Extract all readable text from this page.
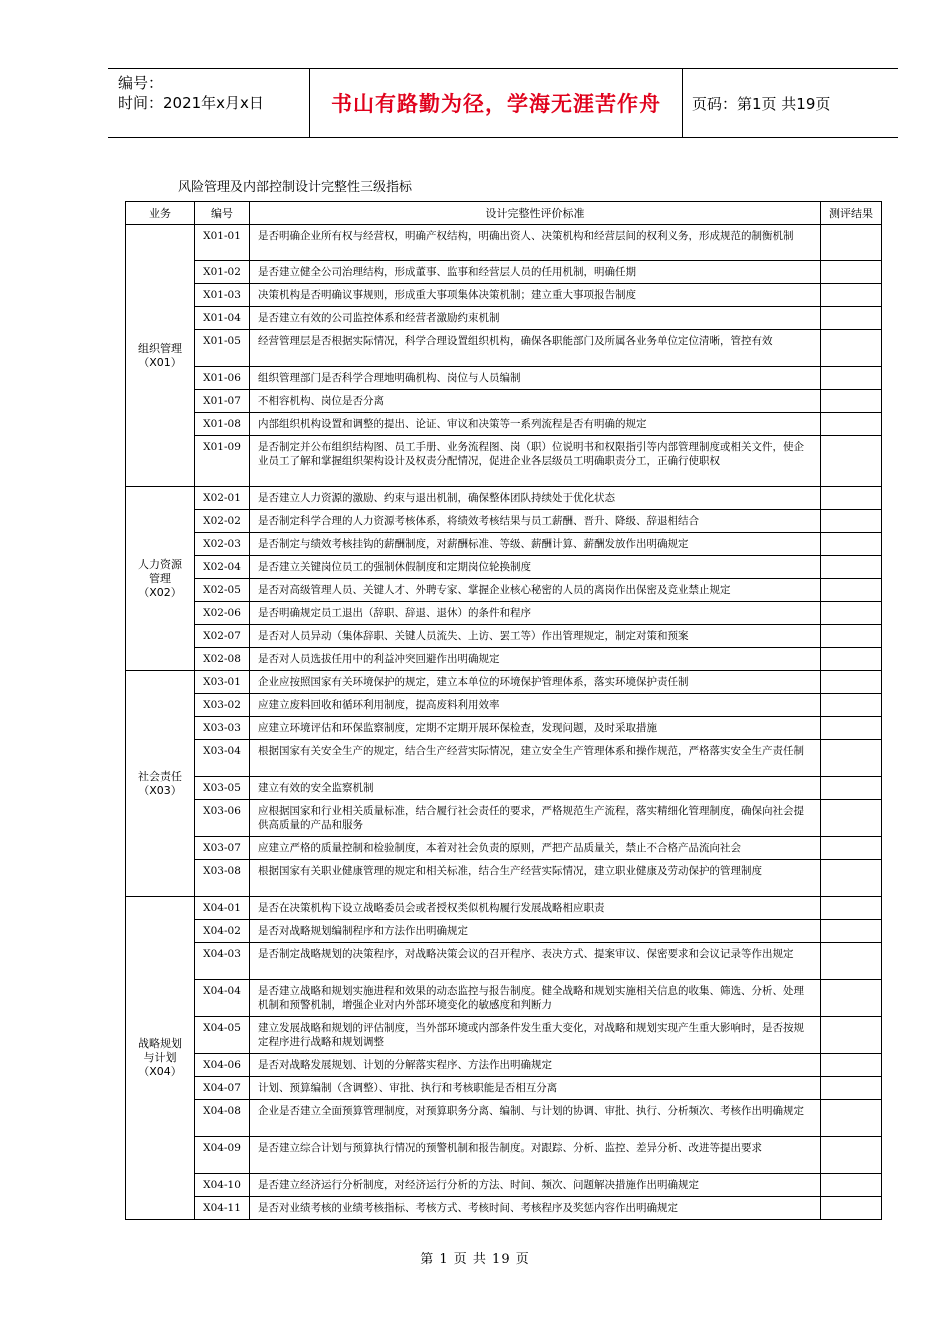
编号：
时间：2021年x月x日	书山有路勤为径，学海无涯苦作舟	页码：第1页 共19页
风险管理及内部控制设计完整性三级指标
业务	编号	设计完整性评价标准	测评结果
组织管理
（X01）	X01-01	是否明确企业所有权与经营权，明确产权结构，明确出资人、决策机构和经营层间的权利义务，形成规范的制衡机制	
	X01-02	是否建立健全公司治理结构，形成董事、监事和经营层人员的任用机制，明确任期	
	X01-03	决策机构是否明确议事规则，形成重大事项集体决策机制；建立重大事项报告制度	
	X01-04	是否建立有效的公司监控体系和经营者激励约束机制	
	X01-05	经营管理层是否根据实际情况，科学合理设置组织机构，确保各职能部门及所属各业务单位定位清晰，管控有效	
	X01-06	组织管理部门是否科学合理地明确机构、岗位与人员编制	
	X01-07	不相容机构、岗位是否分离	
	X01-08	内部组织机构设置和调整的提出、论证、审议和决策等一系列流程是否有明确的规定	
	X01-09	是否制定并公布组织结构图、员工手册、业务流程图、岗（职）位说明书和权限指引等内部管理制度或相关文件，使企业员工了解和掌握组织架构设计及权责分配情况，促进企业各层级员工明确职责分工，正确行使职权	
人力资源
管理
（X02）	X02-01	是否建立人力资源的激励、约束与退出机制，确保整体团队持续处于优化状态	
	X02-02	是否制定科学合理的人力资源考核体系，将绩效考核结果与员工薪酬、晋升、降级、辞退相结合	
	X02-03	是否制定与绩效考核挂钩的薪酬制度，对薪酬标准、等级、薪酬计算、薪酬发放作出明确规定	
	X02-04	是否建立关键岗位员工的强制休假制度和定期岗位轮换制度	
	X02-05	是否对高级管理人员、关键人才、外聘专家、掌握企业核心秘密的人员的离岗作出保密及竞业禁止规定	
	X02-06	是否明确规定员工退出（辞职、辞退、退休）的条件和程序	
	X02-07	是否对人员异动（集体辞职、关键人员流失、上访、罢工等）作出管理规定，制定对策和预案	
	X02-08	是否对人员选拔任用中的利益冲突回避作出明确规定	
社会责任
（X03）	X03-01	企业应按照国家有关环境保护的规定，建立本单位的环境保护管理体系，落实环境保护责任制	
	X03-02	应建立废料回收和循环利用制度，提高废料利用效率	
	X03-03	应建立环境评估和环保监察制度，定期不定期开展环保检查，发现问题，及时采取措施	
	X03-04	根据国家有关安全生产的规定，结合生产经营实际情况，建立安全生产管理体系和操作规范，严格落实安全生产责任制	
	X03-05	建立有效的安全监察机制	
	X03-06	应根据国家和行业相关质量标准，结合履行社会责任的要求，严格规范生产流程，落实精细化管理制度，确保向社会提供高质量的产品和服务	
	X03-07	应建立严格的质量控制和检验制度，本着对社会负责的原则，严把产品质量关，禁止不合格产品流向社会	
	X03-08	根据国家有关职业健康管理的规定和相关标准，结合生产经营实际情况，建立职业健康及劳动保护的管理制度	
战略规划
与计划
（X04）	X04-01	是否在决策机构下设立战略委员会或者授权类似机构履行发展战略相应职责	
	X04-02	是否对战略规划编制程序和方法作出明确规定	
	X04-03	是否制定战略规划的决策程序，对战略决策会议的召开程序、表决方式、提案审议、保密要求和会议记录等作出规定	
	X04-04	是否建立战略和规划实施进程和效果的动态监控与报告制度。健全战略和规划实施相关信息的收集、筛选、分析、处理机制和预警机制，增强企业对内外部环境变化的敏感度和判断力	
	X04-05	建立发展战略和规划的评估制度，当外部环境或内部条件发生重大变化，对战略和规划实现产生重大影响时，是否按规定程序进行战略和规划调整	
	X04-06	是否对战略发展规划、计划的分解落实程序、方法作出明确规定	
	X04-07	计划、预算编制（含调整）、审批、执行和考核职能是否相互分离	
	X04-08	企业是否建立全面预算管理制度，对预算职务分离、编制、与计划的协调、审批、执行、分析频次、考核作出明确规定	
	X04-09	是否建立综合计划与预算执行情况的预警机制和报告制度。对跟踪、分析、监控、差异分析、改进等提出要求	
	X04-10	是否建立经济运行分析制度，对经济运行分析的方法、时间、频次、问题解决措施作出明确规定	
	X04-11	是否对业绩考核的业绩考核指标、考核方式、考核时间、考核程序及奖惩内容作出明确规定	
第 1 页 共 19 页
